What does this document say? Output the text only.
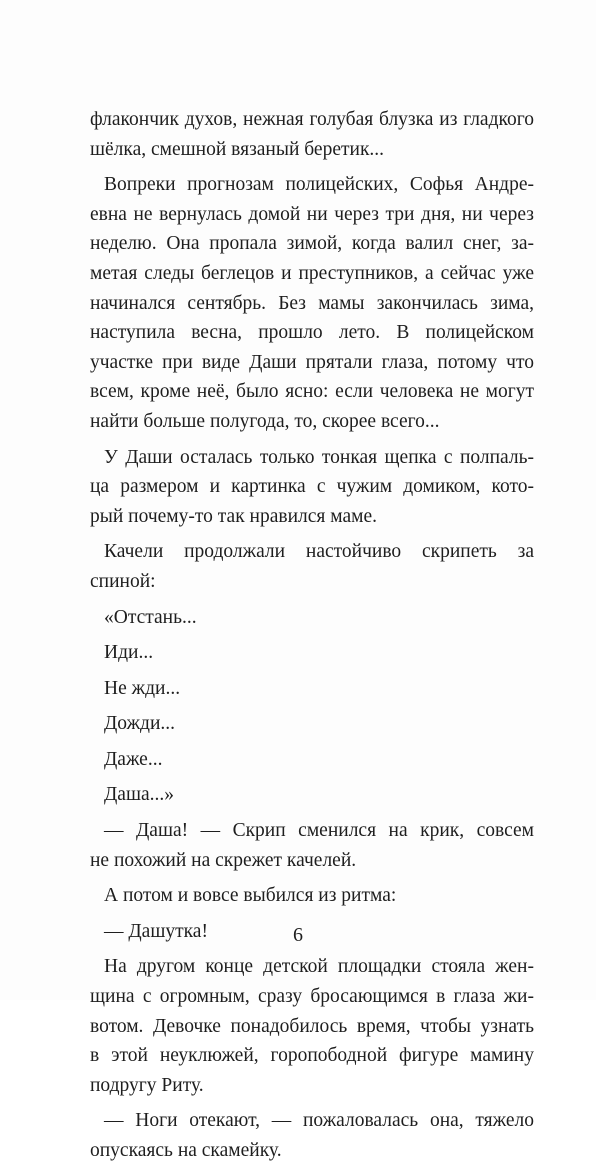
флакончик духов, нежная голубая блузка из гладкого
шёлка, смешной вязаный беретик...
Вопреки прогнозам полицейских, Софья Андре-
евна не вернулась домой ни через три дня, ни через
неделю. Она пропала зимой, когда валил снег, за-
метая следы беглецов и преступников, а сейчас уже
начинался сентябрь. Без мамы закончилась зима,
наступила весна, прошло лето. В полицейском
участке при виде Даши прятали глаза, потому что
всем, кроме неё, было ясно: если человека не могут
найти больше полугода, то, скорее всего...
У Даши осталась только тонкая щепка с полпаль-
ца размером и картинка с чужим домиком, кото-
рый почему-то так нравился маме.
Качели продолжали настойчиво скрипеть за
спиной:
«Отстань...
Иди...
Не жди...
Дожди...
Даже...
Даша...»
— Даша! — Скрип сменился на крик, совсем
не похожий на скрежет качелей.
А потом и вовсе выбился из ритма:
— Дашутка!
На другом конце детской площадки стояла жен-
щина с огромным, сразу бросающимся в глаза жи-
вотом. Девочке понадобилось время, чтобы узнать
в этой неуклюжей, горопободной фигуре мамину
подругу Риту.
— Ноги отекают, — пожаловалась она, тяжело
опускаясь на скамейку.
6
